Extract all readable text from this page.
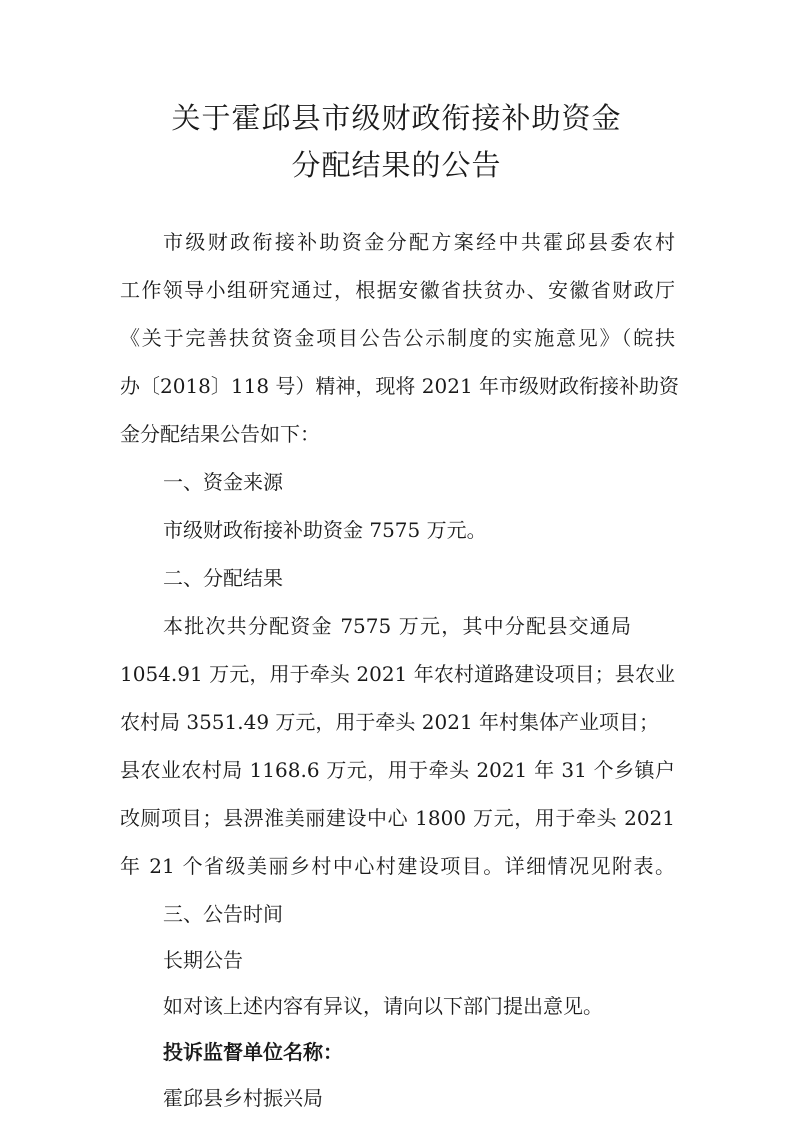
关于霍邱县市级财政衔接补助资金
分配结果的公告
市级财政衔接补助资金分配方案经中共霍邱县委农村
工作领导小组研究通过，根据安徽省扶贫办、安徽省财政厅
《关于完善扶贫资金项目公告公示制度的实施意见》（皖扶
办〔2018〕118 号）精神，现将 2021 年市级财政衔接补助资
金分配结果公告如下：
一、资金来源
市级财政衔接补助资金 7575 万元。
二、分配结果
本批次共分配资金 7575 万元，其中分配县交通局
1054.91 万元，用于牵头 2021 年农村道路建设项目；县农业
农村局 3551.49 万元，用于牵头 2021 年村集体产业项目；
县农业农村局 1168.6 万元，用于牵头 2021 年 31 个乡镇户
改厕项目；县淠淮美丽建设中心 1800 万元，用于牵头 2021
年 21 个省级美丽乡村中心村建设项目。详细情况见附表。
三、公告时间
长期公告
如对该上述内容有异议，请向以下部门提出意见。
投诉监督单位名称：
霍邱县乡村振兴局
